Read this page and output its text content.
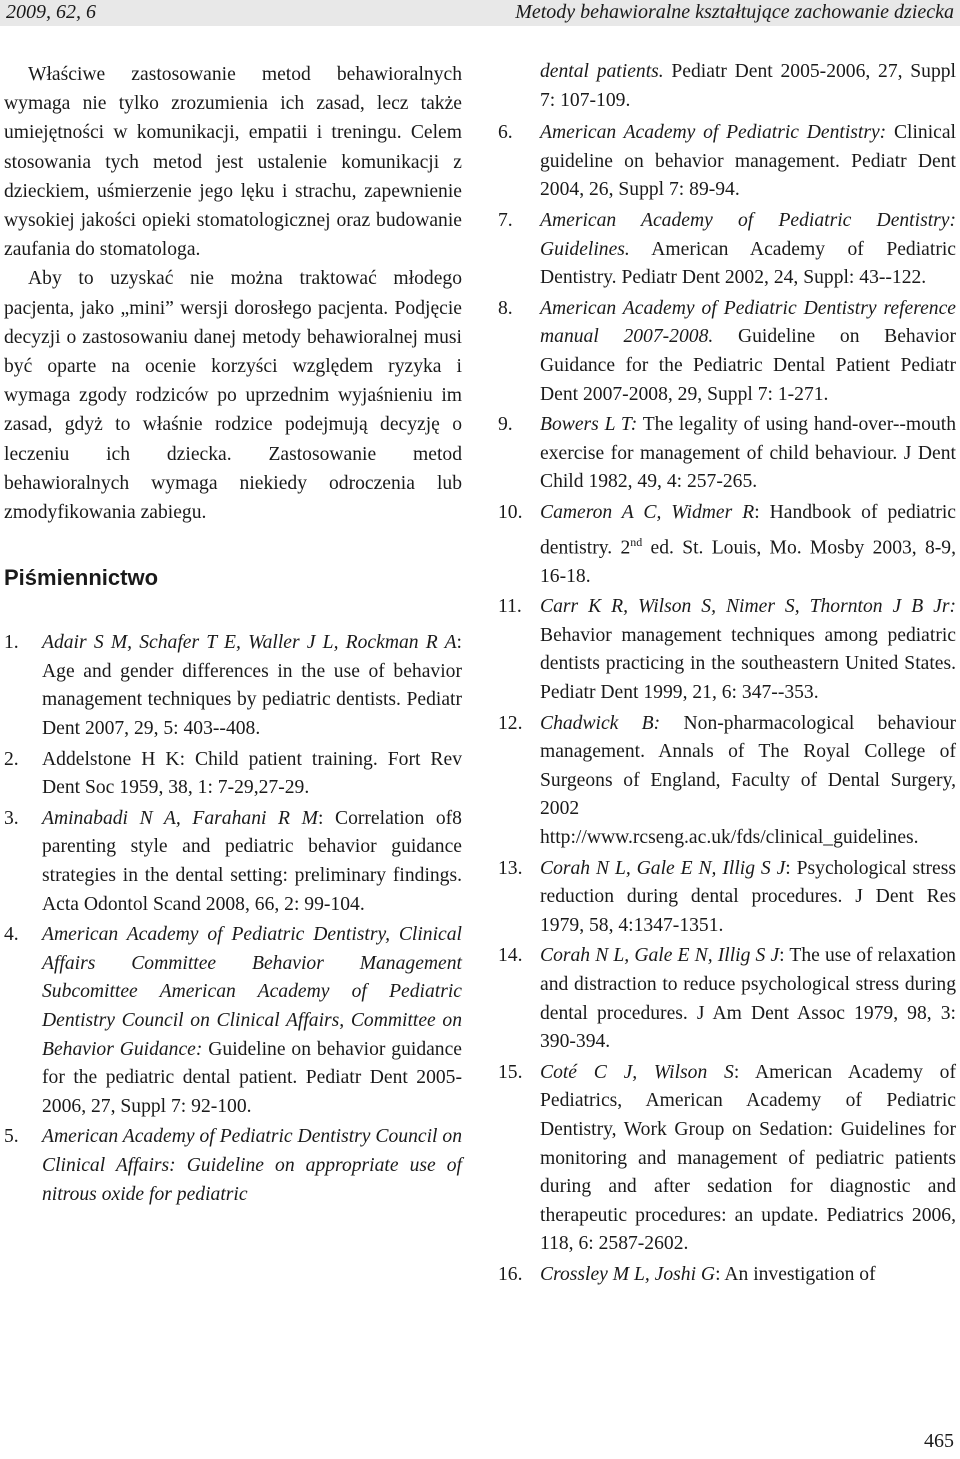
2009, 62, 6	Metody behawioralne kształtujące zachowanie dziecka

Właściwe zastosowanie metod behawioralnych wymaga nie tylko zrozumienia ich zasad, lecz także umiejętności w komunikacji, empatii i treningu. Celem stosowania tych metod jest ustalenie komunikacji z dzieckiem, uśmierzenie jego lęku i strachu, zapewnienie wysokiej jakości opieki stomatologicznej oraz budowanie zaufania do stomatologa.

Aby to uzyskać nie można traktować młodego pacjenta, jako „mini” wersji dorosłego pacjenta. Podjęcie decyzji o zastosowaniu danej metody behawioralnej musi być oparte na ocenie korzyści względem ryzyka i wymaga zgody rodziców po uprzednim wyjaśnieniu im zasad, gdyż to właśnie rodzice podejmują decyzję o leczeniu ich dziecka. Zastosowanie metod behawioralnych wymaga niekiedy odroczenia lub zmodyfikowania zabiegu.

Piśmiennictwo
1.	Adair S M, Schafer T E, Waller J L, Rockman R A: Age and gender differences in the use of behavior management techniques by pediatric dentists. Pediatr Dent 2007, 29, 5: 403--408.
2.	Addelstone H K: Child patient training. Fort Rev Dent Soc 1959, 38, 1: 7-29,27-29.
3.	Aminabadi N A, Farahani R M: Correlation of8 parenting style and pediatric behavior guidance strategies in the dental setting: preliminary findings. Acta Odontol Scand 2008, 66, 2: 99-104.
4.	American Academy of Pediatric Dentistry, Clinical Affairs Committee Behavior Management Subcomittee American Academy of Pediatric Dentistry Council on Clinical Affairs, Committee on Behavior Guidance: Guideline on behavior guidance for the pediatric dental patient. Pediatr Dent 2005-2006, 27, Suppl 7: 92-100.
5.	American Academy of Pediatric Dentistry Council on Clinical Affairs: Guideline on appropriate use of nitrous oxide for pediatric
dental patients. Pediatr Dent 2005-2006, 27, Suppl 7: 107-109.
6.	American Academy of Pediatric Dentistry: Clinical guideline on behavior management. Pediatr Dent 2004, 26, Suppl 7: 89-94.
7.	American Academy of Pediatric Dentistry: Guidelines. American Academy of Pediatric Dentistry. Pediatr Dent 2002, 24, Suppl: 43--122.
8.	American Academy of Pediatric Dentistry reference manual 2007-2008. Guideline on Behavior Guidance for the Pediatric Dental Patient Pediatr Dent 2007-2008, 29, Suppl 7: 1-271.
9.	Bowers L T: The legality of using hand-over--mouth exercise for management of child behaviour. J Dent Child 1982, 49, 4: 257-265.
10. Cameron A C, Widmer R: Handbook of pediatric dentistry. 2nd ed. St. Louis, Mo. Mosby 2003, 8-9, 16-18.
11. Carr K R, Wilson S, Nimer S, Thornton J B Jr: Behavior management techniques among pediatric dentists practicing in the southeastern United States. Pediatr Dent 1999, 21, 6: 347--353.
12. Chadwick B: Non-pharmacological behaviour management. Annals of The Royal College of Surgeons of England, Faculty of Dental Surgery, 2002 http://www.rcseng.ac.uk/fds/clinical_guidelines.
13. Corah N L, Gale E N, Illig S J: Psychological stress reduction during dental procedures. J Dent Res 1979, 58, 4:1347-1351.
14. Corah N L, Gale E N, Illig S J: The use of relaxation and distraction to reduce psychological stress during dental procedures. J Am Dent Assoc 1979, 98, 3: 390-394.
15. Coté C J, Wilson S: American Academy of Pediatrics, American Academy of Pediatric Dentistry, Work Group on Sedation: Guidelines for monitoring and management of pediatric patients during and after sedation for diagnostic and therapeutic procedures: an update. Pediatrics 2006, 118, 6: 2587-2602.
16. Crossley M L, Joshi G: An investigation of
465
